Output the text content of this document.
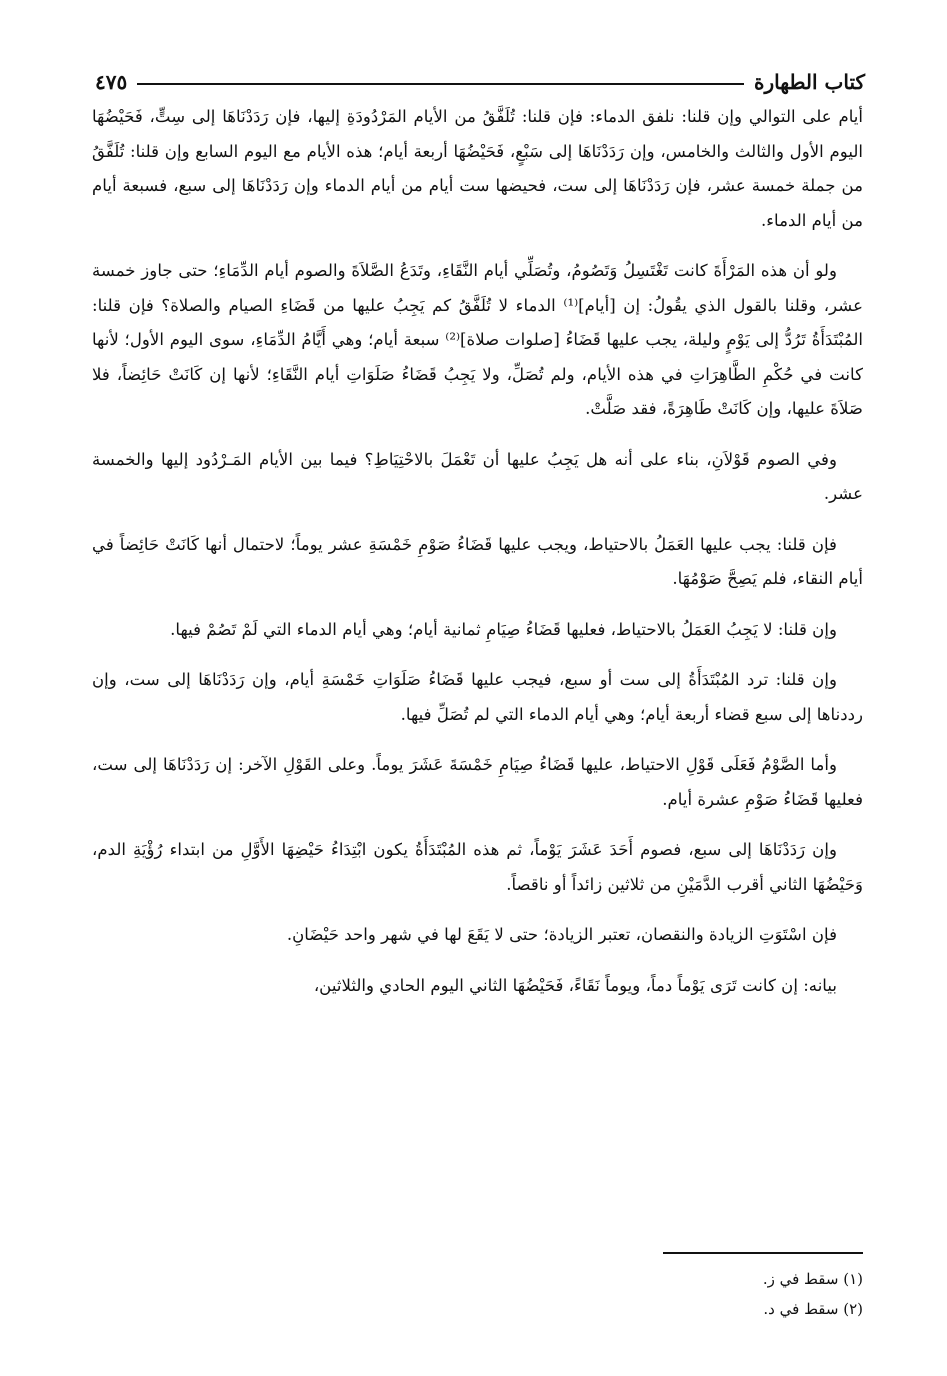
كتاب الطهارة
٤٧٥

أيام على التوالي وإن قلنا: نلفق الدماء: فإن قلنا: تُلَفَّقُ من الأيام المَرْدُودَةِ إليها، فإن رَدَدْنَاهَا إلى سِتٍّ، فَحَيْضُهَا اليوم الأول والثالث والخامس، وإن رَدَدْنَاهَا إلى سَبْعٍ، فَحَيْضُهَا أربعة أيام؛ هذه الأيام مع اليوم السابع وإن قلنا: تُلَفَّقُ من جملة خمسة عشر، فإن رَدَدْنَاهَا إلى ست، فحيضها ست أيام من أيام الدماء وإن رَدَدْنَاهَا إلى سبع، فسبعة أيام من أيام الدماء.

ولو أن هذه المَرْأَةَ كانت تَغْتَسِلُ وَتَصُومُ، وتُصَلِّي أيام النَّقَاءِ، وتَدَعُ الصَّلاَةَ والصوم أيام الدِّمَاءِ؛ حتى جاوز خمسة عشر، وقلنا بالقول الذي يقُولُ: إن [أيام]⁽¹⁾ الدماء لا تُلَفَّقُ كم يَجِبُ عليها من قَضَاءِ الصيام والصلاة؟ فإن قلنا: المُبْتَدَأَةُ تَرُدُّ إلى يَوْمٍ وليلة، يجب عليها قَضَاءُ [صلوات صلاة]⁽²⁾ سبعة أيام؛ وهي أَيَّامُ الدِّمَاءِ، سوى اليوم الأول؛ لأنها كانت في حُكْمِ الطَّاهِرَاتِ في هذه الأيام، ولم تُصَلِّ، ولا يَجِبُ قَضَاءُ صَلَوَاتِ أيام النَّقَاءِ؛ لأنها إن كَانَتْ حَائِضاً، فلا صَلاَةَ عليها، وإن كَانَتْ طَاهِرَةً، فقد صَلَّتْ.

وفي الصوم قَوْلاَنِ، بناء على أنه هل يَجِبُ عليها أن تَعْمَلَ بالاحْتِيَاطِ؟ فيما بين الأيام المَـرْدُود إليها والخمسة عشر.

فإن قلنا: يجب عليها العَمَلُ بالاحتياط، ويجب عليها قَضَاءُ صَوْمِ خَمْسَةِ عشر يوماً؛ لاحتمال أنها كَانَتْ حَائِضاً في أيام النقاء، فلم يَصِحَّ صَوْمُهَا.

وإن قلنا: لا يَجِبُ العَمَلُ بالاحتياط، فعليها قَضَاءُ صِيَامِ ثمانية أيام؛ وهي أيام الدماء التي لَمْ تَصُمْ فيها.

وإن قلنا: ترد المُبْتَدَأَةُ إلى ست أو سبع، فيجب عليها قَضَاءُ صَلَوَاتِ خَمْسَةِ أيام، وإن رَدَدْنَاهَا إلى ست، وإن رددناها إلى سبع قضاء أربعة أيام؛ وهي أيام الدماء التي لم تُصَلِّ فيها.

وأما الصَّوْمُ فَعَلَى قَوْلِ الاحتياط، عليها قَضَاءُ صِيَامِ خَمْسَةَ عَشَرَ يوماً. وعلى القَوْلِ الآخر: إن رَدَدْنَاهَا إلى ست، فعليها قَضَاءُ صَوْمِ عشرة أيام.

وإن رَدَدْنَاهَا إلى سبع، فصوم أَحَدَ عَشَرَ يَوْماً، ثم هذه المُبْتَدَأَةُ يكون ابْتِدَاءُ حَيْضِهَا الأَوَّلِ من ابتداء رُؤْيَةِ الدم، وَحَيْضُهَا الثاني أقرب الدَّمَيْنِ من ثلاثين زائداً أو ناقصاً.

فإن اسْتَوَتِ الزيادة والنقصان، تعتبر الزيادة؛ حتى لا يَقَعَ لها في شهر واحد حَيْضَانِ.

بيانه: إن كانت تَرَى يَوْماً دماً، ويوماً نَقَاءً، فَحَيْضُهَا الثاني اليوم الحادي والثلاثين،

(١) سقط في ز.
(٢) سقط في د.
